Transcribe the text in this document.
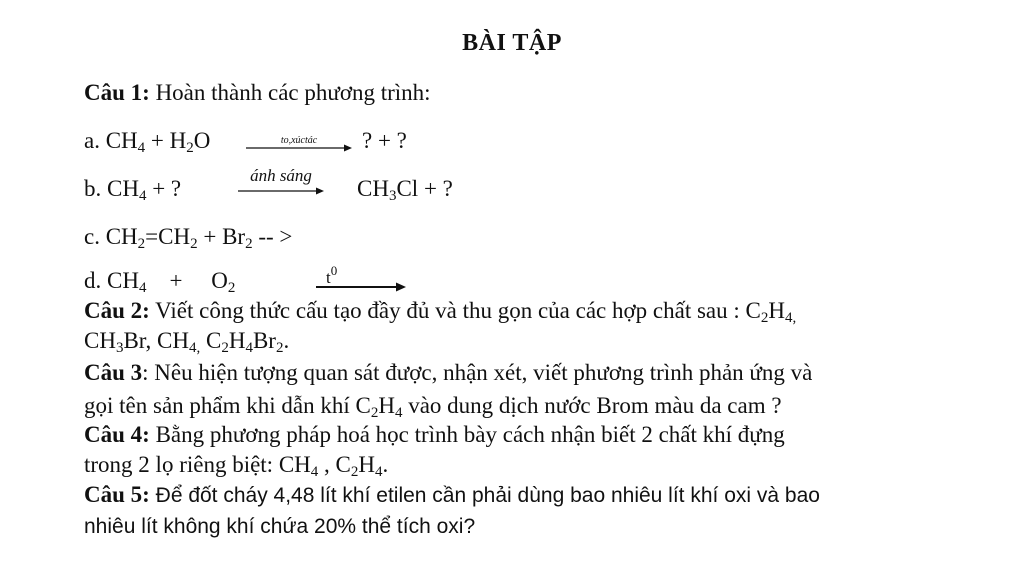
BÀI TẬP
Câu 1: Hoàn thành các phương trình:
a. $CH_4 + H_2O$	to,xúctác	? + ?
b. $CH_4$ + ?
ánh sáng
$CH_3Cl$ + ?
c. $CH_2=CH_2 + Br_2$ -- >
d. $CH_4$    +     $O_2$
$t^0$
Câu 2: Viết công thức cấu tạo đầy đủ và thu gọn của các hợp chất sau : $C_2H_{4,}$
$CH_3Br$, $CH_{4,}$ $C_2H_4Br_2$.
Câu 3: Nêu hiện tượng quan sát được, nhận xét, viết phương trình phản ứng và
gọi tên sản phẩm khi dẫn khí $C_2H_4$ vào dung dịch nước Brom màu da cam ?
Câu 4: Bằng phương pháp hoá học trình bày cách nhận biết 2 chất khí đựng
trong 2 lọ riêng biệt: $CH_4$ , $C_2H_4$.
Câu 5: Để đốt cháy 4,48 lít khí etilen cần phải dùng bao nhiêu lít khí oxi và bao
nhiêu lít không khí chứa 20% thể tích oxi?
